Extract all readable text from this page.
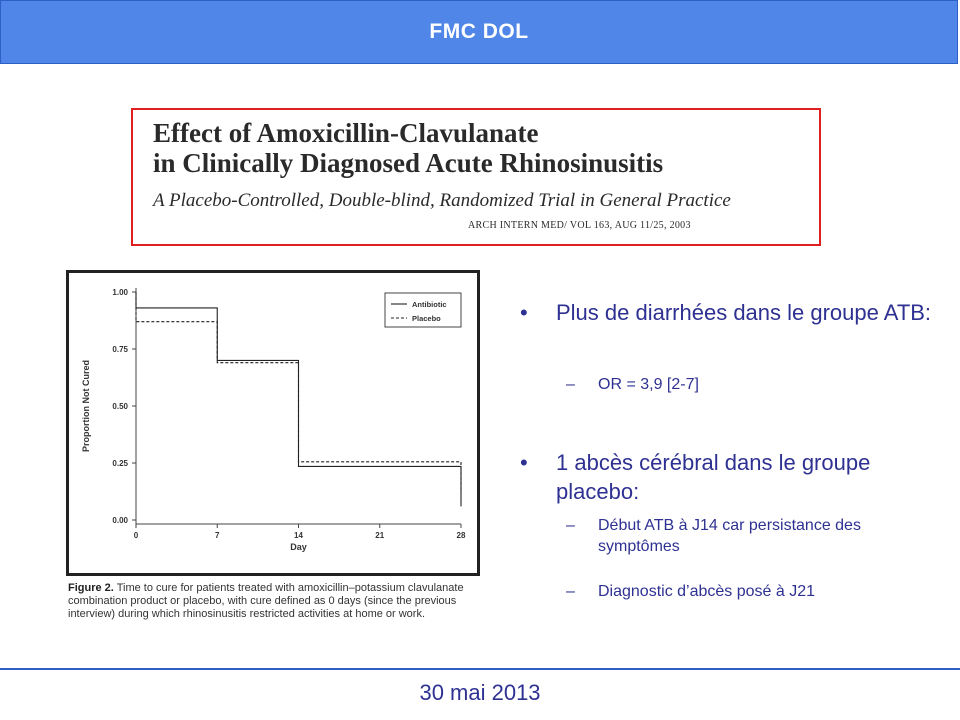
FMC DOL
Effect of Amoxicillin-Clavulanate
in Clinically Diagnosed Acute Rhinosinusitis
A Placebo-Controlled, Double-blind, Randomized Trial in General Practice
ARCH INTERN MED/ VOL 163, AUG 11/25, 2003
0.00
0.25
0.50
0.75
1.00
0	7	14	21	28
Day
Proportion Not Cured
Antibiotic
Placebo
Figure 2. Time to cure for patients treated with amoxicillin–potassium clavulanate combination product or placebo, with cure defined as 0 days (since the previous interview) during which rhinosinusitis restricted activities at home or work.
• Plus de diarrhées dans le groupe ATB:
– OR = 3,9 [2-7]
• 1 abcès cérébral dans le groupe placebo:
– Début ATB à J14 car persistance des symptômes
– Diagnostic d’abcès posé à J21
30 mai 2013
